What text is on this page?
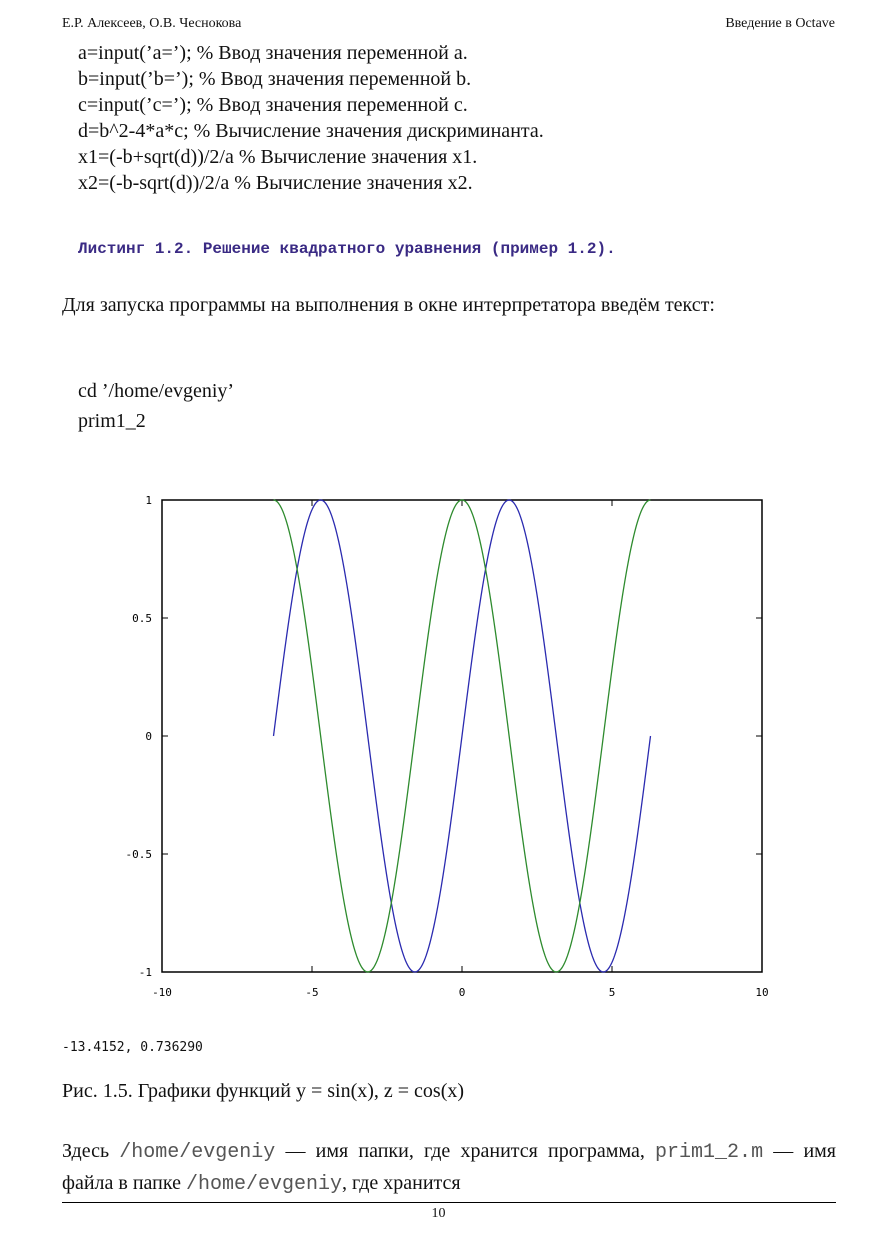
Е.Р. Алексеев, О.В. Чеснокова	Введение в Octave
a=input(’a=’); % Ввод значения переменной a.
b=input(’b=’); % Ввод значения переменной b.
c=input(’c=’); % Ввод значения переменной c.
d=b^2-4*a*c; % Вычисление значения дискриминанта.
x1=(-b+sqrt(d))/2/a % Вычисление значения x1.
x2=(-b-sqrt(d))/2/a % Вычисление значения x2.
Листинг 1.2. Решение квадратного уравнения (пример 1.2).
Для запуска программы на выполнения в окне интерпретатора введём текст:
cd ’/home/evgeniy’
prim1_2
-10	-5	0	5	10
1
0.5
0
-0.5
-1
-13.4152, 0.736290
Рис. 1.5. Графики функций y = sin(x), z = cos(x)
Здесь /home/evgeniy — имя папки, где хранится программа, prim1_2.m — имя файла в папке /home/evgeniy, где хранится
10
